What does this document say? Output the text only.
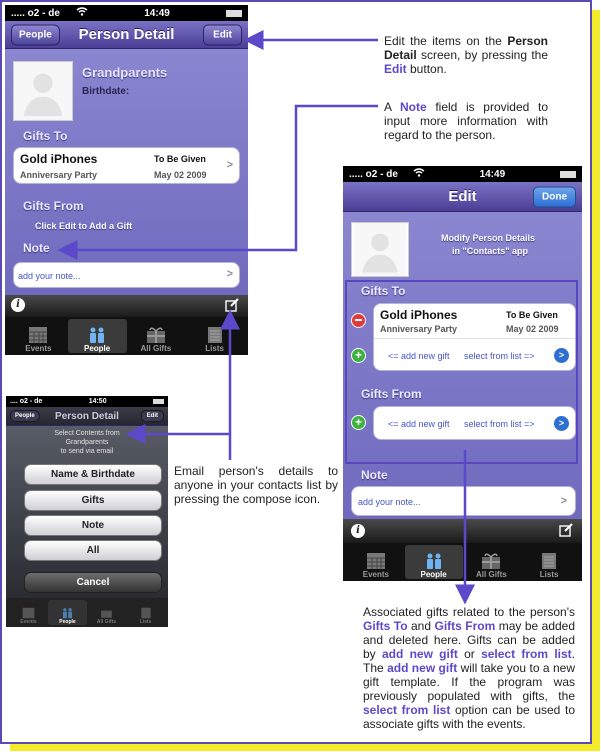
..... o2 - de	14:49
People	Person Detail	Edit
Grandparents
Birthdate:
Gifts To
Gold iPhones	To Be Given
Anniversary Party	May 02 2009
>
Gifts From
Click Edit to Add a Gift
Note
add your note...	>
i
Events	People	All Gifts	Lists
..... o2 - de	14:49
Edit	Done
Modify Person Details
in "Contacts" app
Gifts To
Gold iPhones	To Be Given
Anniversary Party	May 02 2009
<= add new gift select from list =>	>
+
Gifts From
<= add new gift select from list =>	>
+
Note
add your note...	>
i
Events	People	All Gifts	Lists
.... o2 - de	14:50
People	Person Detail	Edit
Select Contents from
Grandparents
to send via email
Name & Birthdate
Gifts
Note
All
Cancel
Events	People	All Gifts	Lists
Edit the items on the Person Detail screen, by pressing the Edit button.
A Note field is provided to input more information with regard to the person.
Email person's details to anyone in your contacts list by pressing the compose icon.
Associated gifts related to the person's Gifts To and Gifts From may be added and deleted here. Gifts can be added by add new gift or select from list. The add new gift will take you to a new gift template. If the program was previously populated with gifts, the select from list option can be used to associate gifts with the events.
